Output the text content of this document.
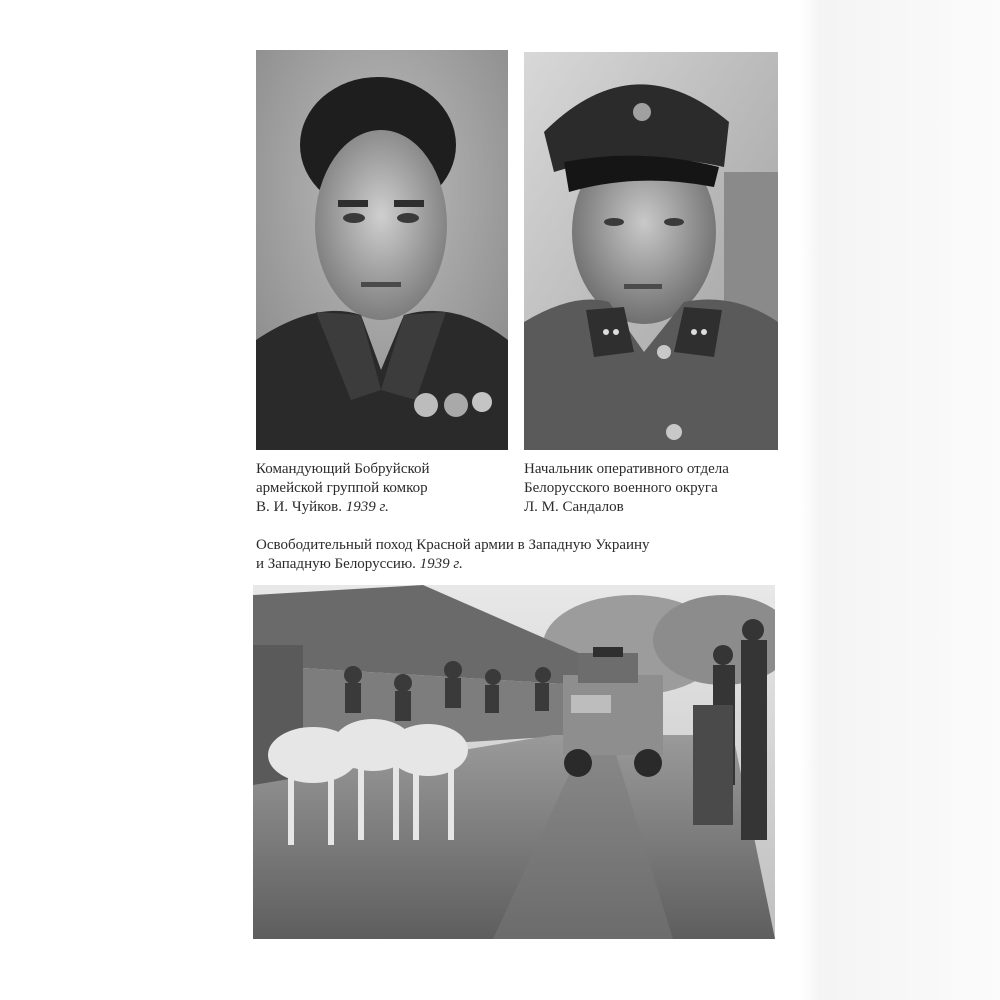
Командующий Бобруйской
армейской группой комкор
В. И. Чуйков. 1939 г.
Начальник оперативного отдела
Белорусского военного округа
Л. М. Сандалов
Освободительный поход Красной армии в Западную Украину
и Западную Белоруссию. 1939 г.
